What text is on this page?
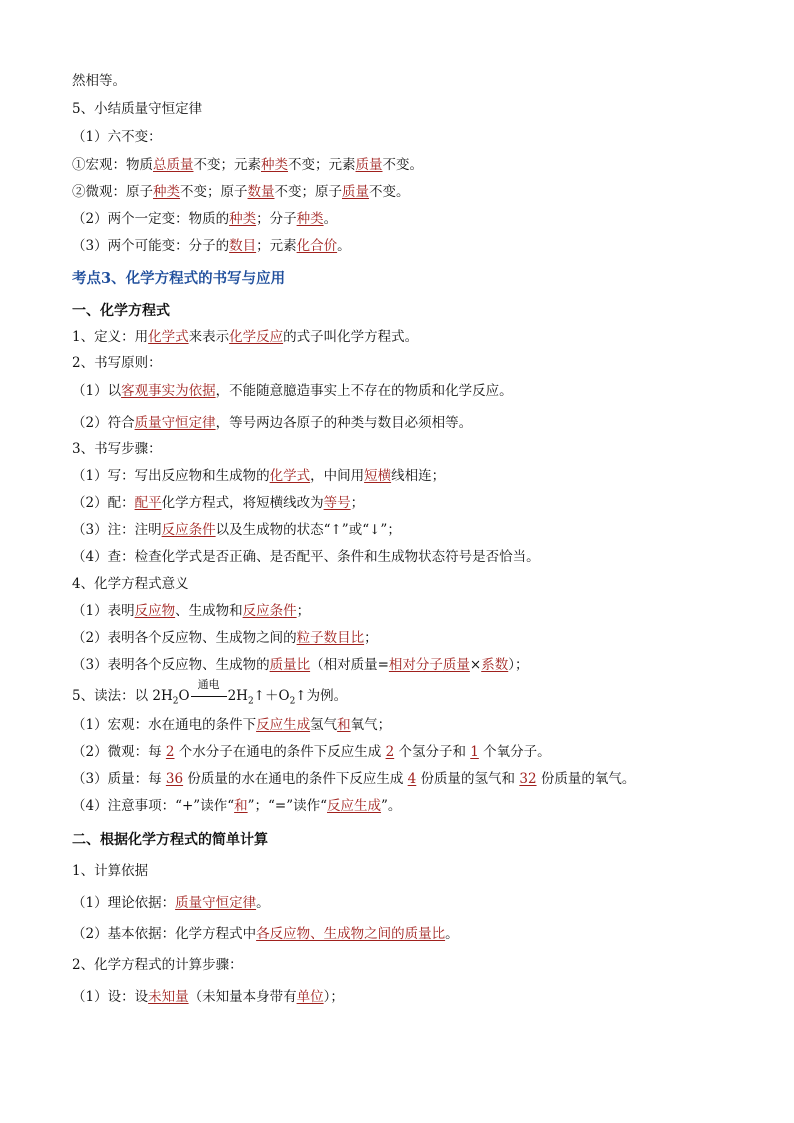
然相等。
5、小结质量守恒定律
（1）六不变：
①宏观：物质总质量不变；元素种类不变；元素质量不变。
②微观：原子种类不变；原子数量不变；原子质量不变。
（2）两个一定变：物质的种类；分子种类。
（3）两个可能变：分子的数目；元素化合价。
考点3、化学方程式的书写与应用
一、化学方程式
1、定义：用化学式来表示化学反应的式子叫化学方程式。
2、书写原则：
（1）以客观事实为依据，不能随意臆造事实上不存在的物质和化学反应。
（2）符合质量守恒定律，等号两边各原子的种类与数目必须相等。
3、书写步骤：
（1）写：写出反应物和生成物的化学式，中间用短横线相连；
（2）配：配平化学方程式，将短横线改为等号；
（3）注：注明反应条件以及生成物的状态“↑”或“↓”；
（4）查：检查化学式是否正确、是否配平、条件和生成物状态符号是否恰当。
4、化学方程式意义
（1）表明反应物、生成物和反应条件；
（2）表明各个反应物、生成物之间的粒子数目比；
（3）表明各个反应物、生成物的质量比（相对质量=相对分子质量×系数）；
5、读法：以 $2H_2O$
通电
$2H_2↑+O_2↑$为例。
（1）宏观：水在通电的条件下反应生成氢气和氧气；
（2）微观：每 2 个水分子在通电的条件下反应生成 2 个氢分子和 1 个氧分子。
（3）质量：每 36 份质量的水在通电的条件下反应生成 4 份质量的氢气和 32 份质量的氧气。
（4）注意事项：“+”读作“和”；“=”读作“反应生成”。
二、根据化学方程式的简单计算
1、计算依据
（1）理论依据：质量守恒定律。
（2）基本依据：化学方程式中各反应物、生成物之间的质量比。
2、化学方程式的计算步骤：
（1）设：设未知量（未知量本身带有单位）；
